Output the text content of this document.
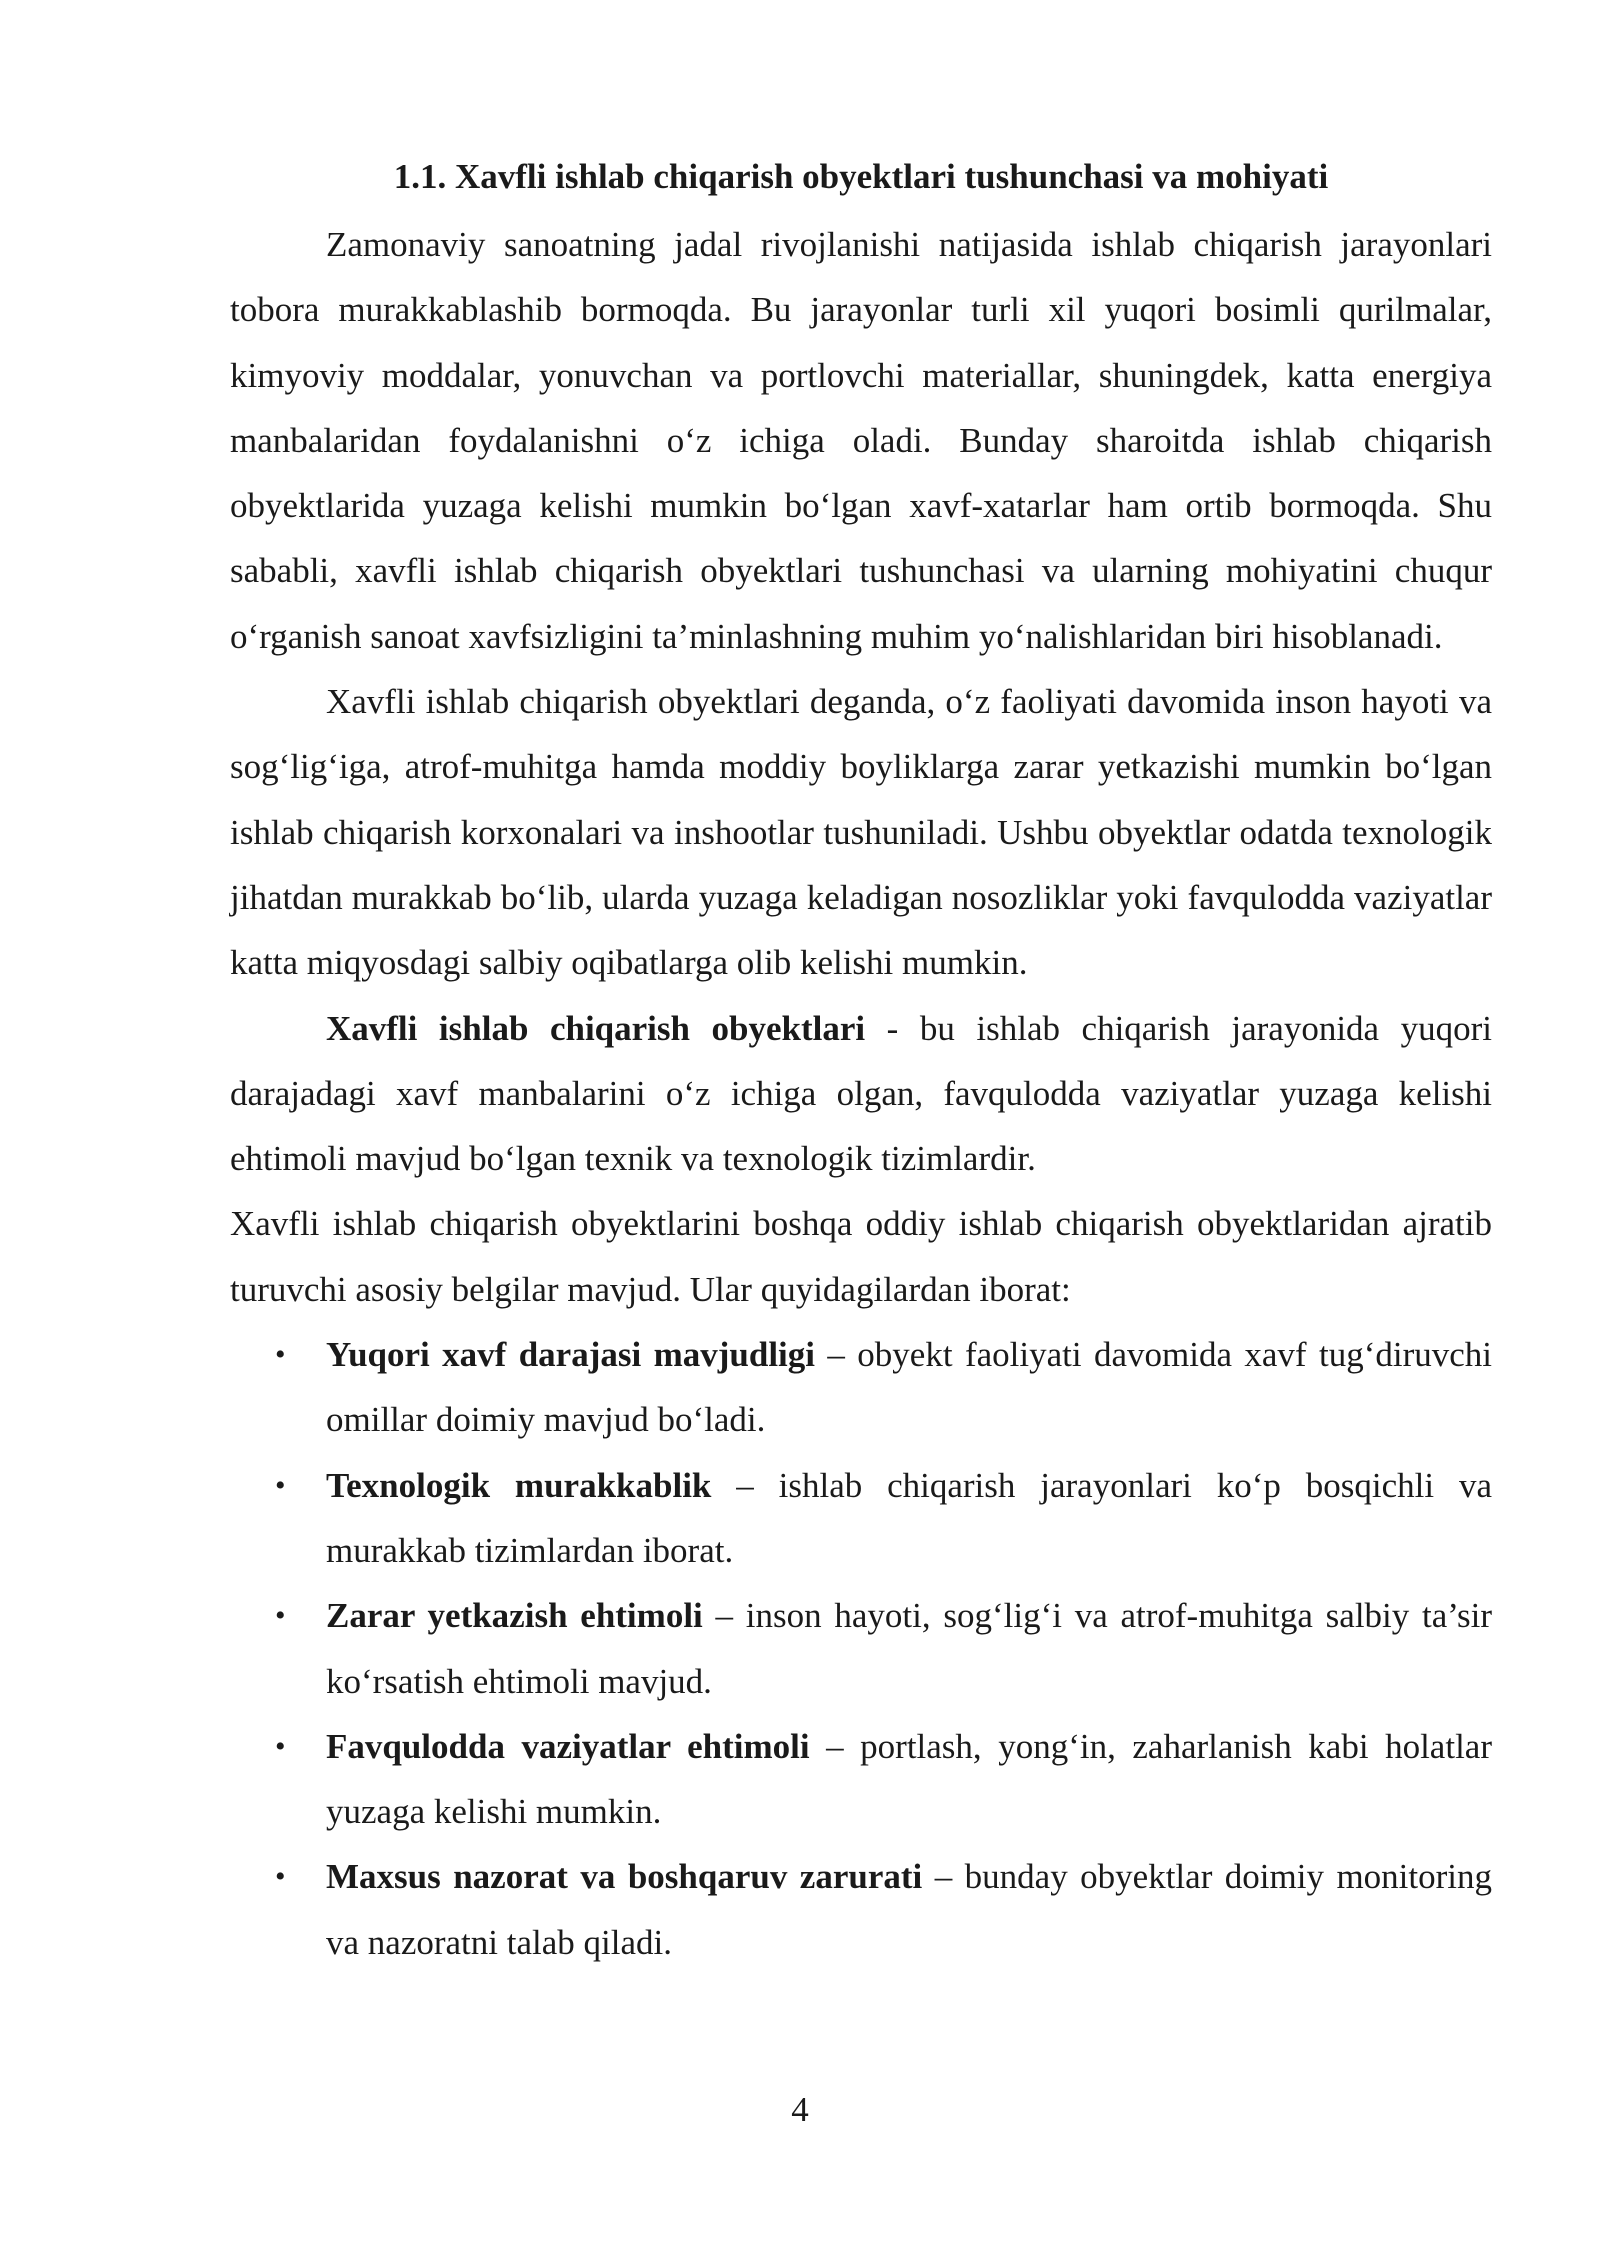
1.1. Xavfli ishlab chiqarish obyektlari tushunchasi va mohiyati

Zamonaviy sanoatning jadal rivojlanishi natijasida ishlab chiqarish jarayonlari tobora murakkablashib bormoqda. Bu jarayonlar turli xil yuqori bosimli qurilmalar, kimyoviy moddalar, yonuvchan va portlovchi materiallar, shuningdek, katta energiya manbalaridan foydalanishni o‘z ichiga oladi. Bunday sharoitda ishlab chiqarish obyektlarida yuzaga kelishi mumkin bo‘lgan xavf-xatarlar ham ortib bormoqda. Shu sababli, xavfli ishlab chiqarish obyektlari tushunchasi va ularning mohiyatini chuqur o‘rganish sanoat xavfsizligini ta’minlashning muhim yo‘nalishlaridan biri hisoblanadi.

Xavfli ishlab chiqarish obyektlari deganda, o‘z faoliyati davomida inson hayoti va sog‘lig‘iga, atrof-muhitga hamda moddiy boyliklarga zarar yetkazishi mumkin bo‘lgan ishlab chiqarish korxonalari va inshootlar tushuniladi. Ushbu obyektlar odatda texnologik jihatdan murakkab bo‘lib, ularda yuzaga keladigan nosozliklar yoki favqulodda vaziyatlar katta miqyosdagi salbiy oqibatlarga olib kelishi mumkin.

Xavfli ishlab chiqarish obyektlari - bu ishlab chiqarish jarayonida yuqori darajadagi xavf manbalarini o‘z ichiga olgan, favqulodda vaziyatlar yuzaga kelishi ehtimoli mavjud bo‘lgan texnik va texnologik tizimlardir.

Xavfli ishlab chiqarish obyektlarini boshqa oddiy ishlab chiqarish obyektlaridan ajratib turuvchi asosiy belgilar mavjud. Ular quyidagilardan iborat:

• Yuqori xavf darajasi mavjudligi – obyekt faoliyati davomida xavf tug‘diruvchi omillar doimiy mavjud bo‘ladi.
• Texnologik murakkablik – ishlab chiqarish jarayonlari ko‘p bosqichli va murakkab tizimlardan iborat.
• Zarar yetkazish ehtimoli – inson hayoti, sog‘lig‘i va atrof-muhitga salbiy ta’sir ko‘rsatish ehtimoli mavjud.
• Favqulodda vaziyatlar ehtimoli – portlash, yong‘in, zaharlanish kabi holatlar yuzaga kelishi mumkin.
• Maxsus nazorat va boshqaruv zarurati – bunday obyektlar doimiy monitoring va nazoratni talab qiladi.
4
